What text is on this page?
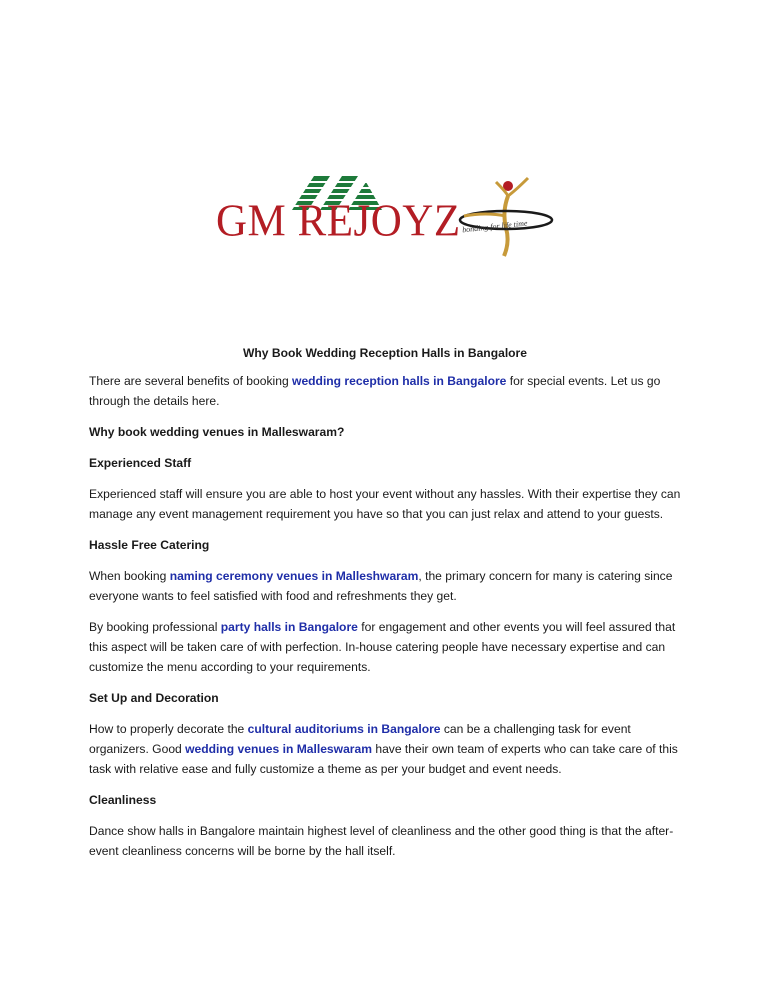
GM REJOYZ bonding for life time

Why Book Wedding Reception Halls in Bangalore

There are several benefits of booking wedding reception halls in Bangalore for special events. Let us go through the details here.

Why book wedding venues in Malleswaram?

Experienced Staff

Experienced staff will ensure you are able to host your event without any hassles. With their expertise they can manage any event management requirement you have so that you can just relax and attend to your guests.

Hassle Free Catering

When booking naming ceremony venues in Malleshwaram, the primary concern for many is catering since everyone wants to feel satisfied with food and refreshments they get.

By booking professional party halls in Bangalore for engagement and other events you will feel assured that this aspect will be taken care of with perfection. In-house catering people have necessary expertise and can customize the menu according to your requirements.

Set Up and Decoration

How to properly decorate the cultural auditoriums in Bangalore can be a challenging task for event organizers. Good wedding venues in Malleswaram have their own team of experts who can take care of this task with relative ease and fully customize a theme as per your budget and event needs.

Cleanliness

Dance show halls in Bangalore maintain highest level of cleanliness and the other good thing is that the after-event cleanliness concerns will be borne by the hall itself.
